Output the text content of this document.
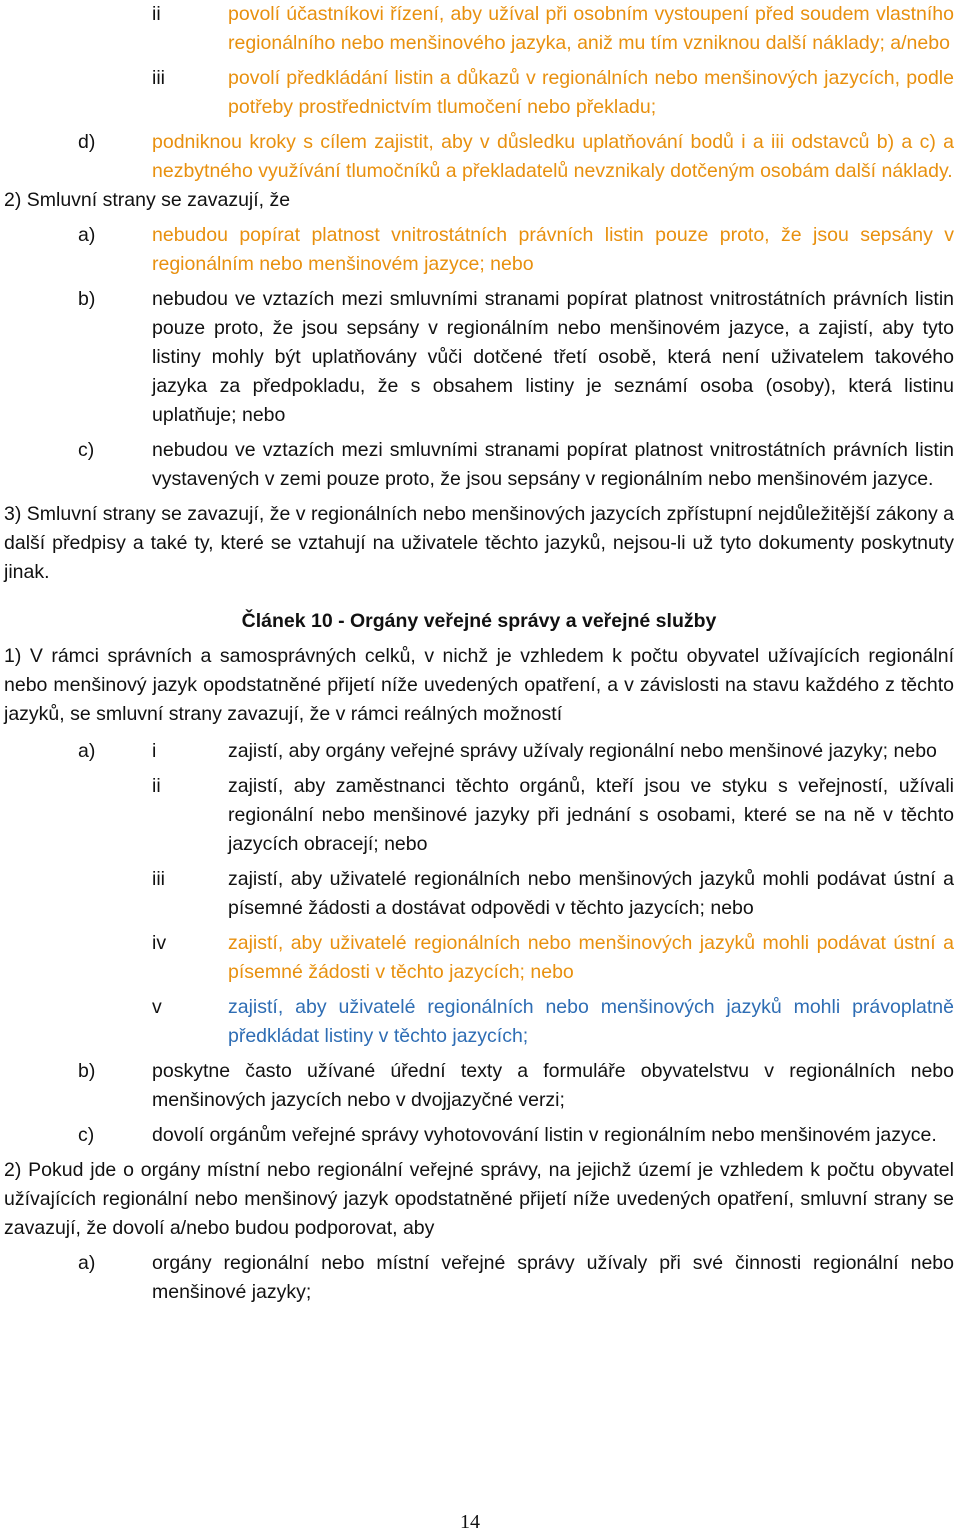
ii	povolí účastníkovi řízení, aby užíval při osobním vystoupení před soudem vlastního regionálního nebo menšinového jazyka, aniž mu tím vzniknou další náklady; a/nebo
iii	povolí předkládání listin a důkazů v regionálních nebo menšinových jazycích, podle potřeby prostřednictvím tlumočení nebo překladu;
d)	podniknou kroky s cílem zajistit, aby v důsledku uplatňování bodů i a iii odstavců b) a c) a nezbytného využívání tlumočníků a překladatelů nevznikaly dotčeným osobám další náklady.
2) Smluvní strany se zavazují, že
a)	nebudou popírat platnost vnitrostátních právních listin pouze proto, že jsou sepsány v regionálním nebo menšinovém jazyce; nebo
b)	nebudou ve vztazích mezi smluvními stranami popírat platnost vnitrostátních právních listin pouze proto, že jsou sepsány v regionálním nebo menšinovém jazyce, a zajistí, aby tyto listiny mohly být uplatňovány vůči dotčené třetí osobě, která není uživatelem takového jazyka za předpokladu, že s obsahem listiny je seznámí osoba (osoby), která listinu uplatňuje; nebo
c)	nebudou ve vztazích mezi smluvními stranami popírat platnost vnitrostátních právních listin vystavených v zemi pouze proto, že jsou sepsány v regionálním nebo menšinovém jazyce.
3) Smluvní strany se zavazují, že v regionálních nebo menšinových jazycích zpřístupní nejdůležitější zákony a další předpisy a také ty, které se vztahují na uživatele těchto jazyků, nejsou-li už tyto dokumenty poskytnuty jinak.
Článek 10 - Orgány veřejné správy a veřejné služby
1) V rámci správních a samosprávných celků, v nichž je vzhledem k počtu obyvatel užívajících regionální nebo menšinový jazyk opodstatněné přijetí níže uvedených opatření, a v závislosti na stavu každého z těchto jazyků, se smluvní strany zavazují, že v rámci reálných možností
a)	i	zajistí, aby orgány veřejné správy užívaly regionální nebo menšinové jazyky; nebo
ii	zajistí, aby zaměstnanci těchto orgánů, kteří jsou ve styku s veřejností, užívali regionální nebo menšinové jazyky při jednání s osobami, které se na ně v těchto jazycích obracejí; nebo
iii	zajistí, aby uživatelé regionálních nebo menšinových jazyků mohli podávat ústní a písemné žádosti a dostávat odpovědi v těchto jazycích; nebo
iv	zajistí, aby uživatelé regionálních nebo menšinových jazyků mohli podávat ústní a písemné žádosti v těchto jazycích; nebo
v	zajistí, aby uživatelé regionálních nebo menšinových jazyků mohli právoplatně předkládat listiny v těchto jazycích;
b)	poskytne často užívané úřední texty a formuláře obyvatelstvu v regionálních nebo menšinových jazycích nebo v dvojjazyčné verzi;
c)	dovolí orgánům veřejné správy vyhotovování listin v regionálním nebo menšinovém jazyce.
2) Pokud jde o orgány místní nebo regionální veřejné správy, na jejichž území je vzhledem k počtu obyvatel užívajících regionální nebo menšinový jazyk opodstatněné přijetí níže uvedených opatření, smluvní strany se zavazují, že dovolí a/nebo budou podporovat, aby
a)	orgány regionální nebo místní veřejné správy užívaly při své činnosti regionální nebo menšinové jazyky;
14
